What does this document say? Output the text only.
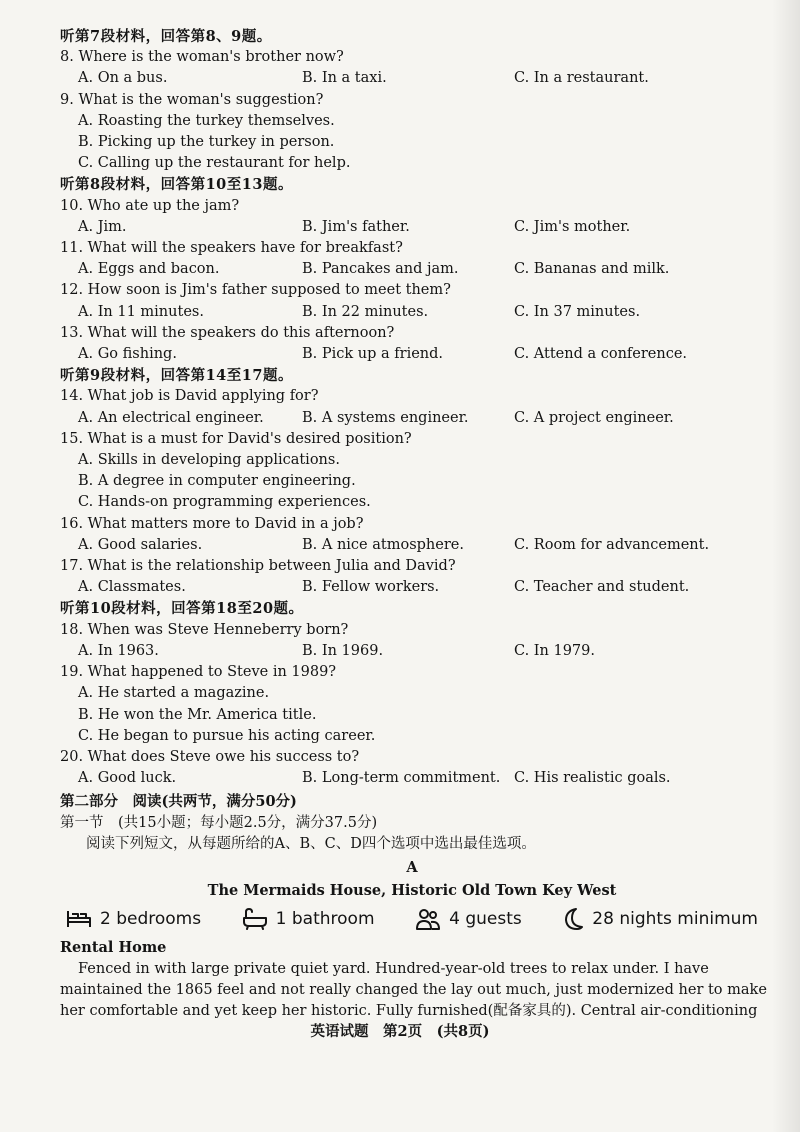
听第7段材料，回答第8、9题。
8. Where is the woman's brother now?
A. On a bus.	B. In a taxi.	C. In a restaurant.
9. What is the woman's suggestion?
A. Roasting the turkey themselves.
B. Picking up the turkey in person.
C. Calling up the restaurant for help.
听第8段材料，回答第10至13题。
10. Who ate up the jam?
A. Jim.	B. Jim's father.	C. Jim's mother.
11. What will the speakers have for breakfast?
A. Eggs and bacon.	B. Pancakes and jam.	C. Bananas and milk.
12. How soon is Jim's father supposed to meet them?
A. In 11 minutes.	B. In 22 minutes.	C. In 37 minutes.
13. What will the speakers do this afternoon?
A. Go fishing.	B. Pick up a friend.	C. Attend a conference.
听第9段材料，回答第14至17题。
14. What job is David applying for?
A. An electrical engineer.	B. A systems engineer.	C. A project engineer.
15. What is a must for David's desired position?
A. Skills in developing applications.
B. A degree in computer engineering.
C. Hands-on programming experiences.
16. What matters more to David in a job?
A. Good salaries.	B. A nice atmosphere.	C. Room for advancement.
17. What is the relationship between Julia and David?
A. Classmates.	B. Fellow workers.	C. Teacher and student.
听第10段材料，回答第18至20题。
18. When was Steve Henneberry born?
A. In 1963.	B. In 1969.	C. In 1979.
19. What happened to Steve in 1989?
A. He started a magazine.
B. He won the Mr. America title.
C. He began to pursue his acting career.
20. What does Steve owe his success to?
A. Good luck.	B. Long-term commitment. C. His realistic goals.
第二部分　阅读(共两节，满分50分)
第一节　(共15小题；每小题2.5分，满分37.5分)
阅读下列短文，从每题所给的A、B、C、D四个选项中选出最佳选项。
A
The Mermaids House, Historic Old Town Key West
2 bedrooms	1 bathroom	4 guests	28 nights minimum
Rental Home
Fenced in with large private quiet yard. Hundred-year-old trees to relax under. I have
maintained the 1865 feel and not really changed the lay out much, just modernized her to make
her comfortable and yet keep her historic. Fully furnished(配备家具的). Central air-conditioning
英语试题　第2页　(共8页)
